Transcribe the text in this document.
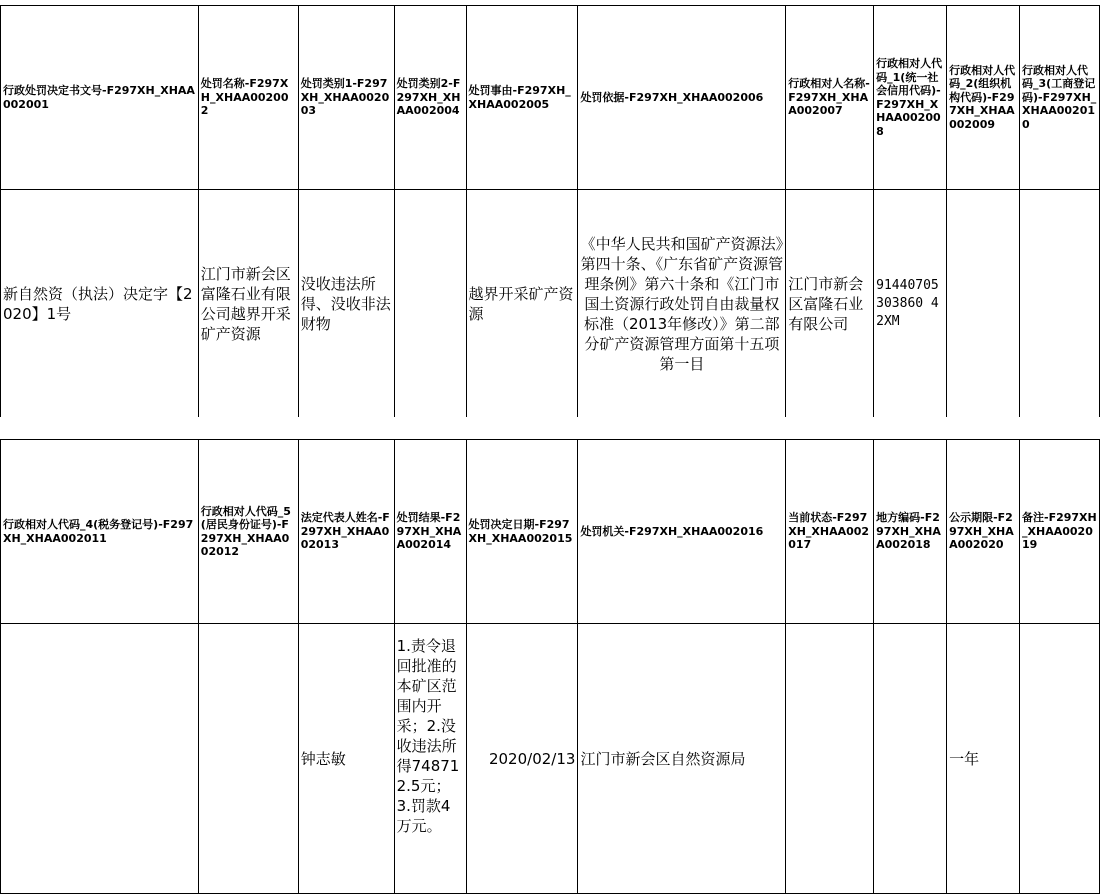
行政处罚决定书文号-F297XH_XHAA002001	处罚名称-F297XH_XHAA002002	处罚类别1-F297XH_XHAA002003	处罚类别2-F297XH_XHAA002004	处罚事由-F297XH_XHAA002005	处罚依据-F297XH_XHAA002006	行政相对人名称-F297XH_XHAA002007	行政相对人代码_1(统一社会信用代码)-F297XH_XHAA002008	行政相对人代码_2(组织机构代码)-F297XH_XHAA002009	行政相对人代码_3(工商登记码)-F297XH_XHAA002010
新自然资（执法）决定字【2020】1号	江门市新会区富隆石业有限公司越界开采矿产资源	没收违法所得、没收非法财物		越界开采矿产资源	《中华人民共和国矿产资源法》第四十条、《广东省矿产资源管理条例》第六十条和《江门市国土资源行政处罚自由裁量权标准（2013年修改）》第二部分矿产资源管理方面第十五项第一目	江门市新会区富隆石业有限公司	91440705303860 42XM		
行政相对人代码_4(税务登记号)-F297XH_XHAA002011	行政相对人代码_5(居民身份证号)-F297XH_XHAA002012	法定代表人姓名-F297XH_XHAA002013	处罚结果-F297XH_XHAA002014	处罚决定日期-F297XH_XHAA002015	处罚机关-F297XH_XHAA002016	当前状态-F297XH_XHAA002017	地方编码-F297XH_XHAA002018	公示期限-F297XH_XHAA002020	备注-F297XH_XHAA002019
		钟志敏	1.责令退回批准的本矿区范围内开采；2.没收违法所得748712.5元；3.罚款4万元。	2020/02/13	江门市新会区自然资源局			一年	
